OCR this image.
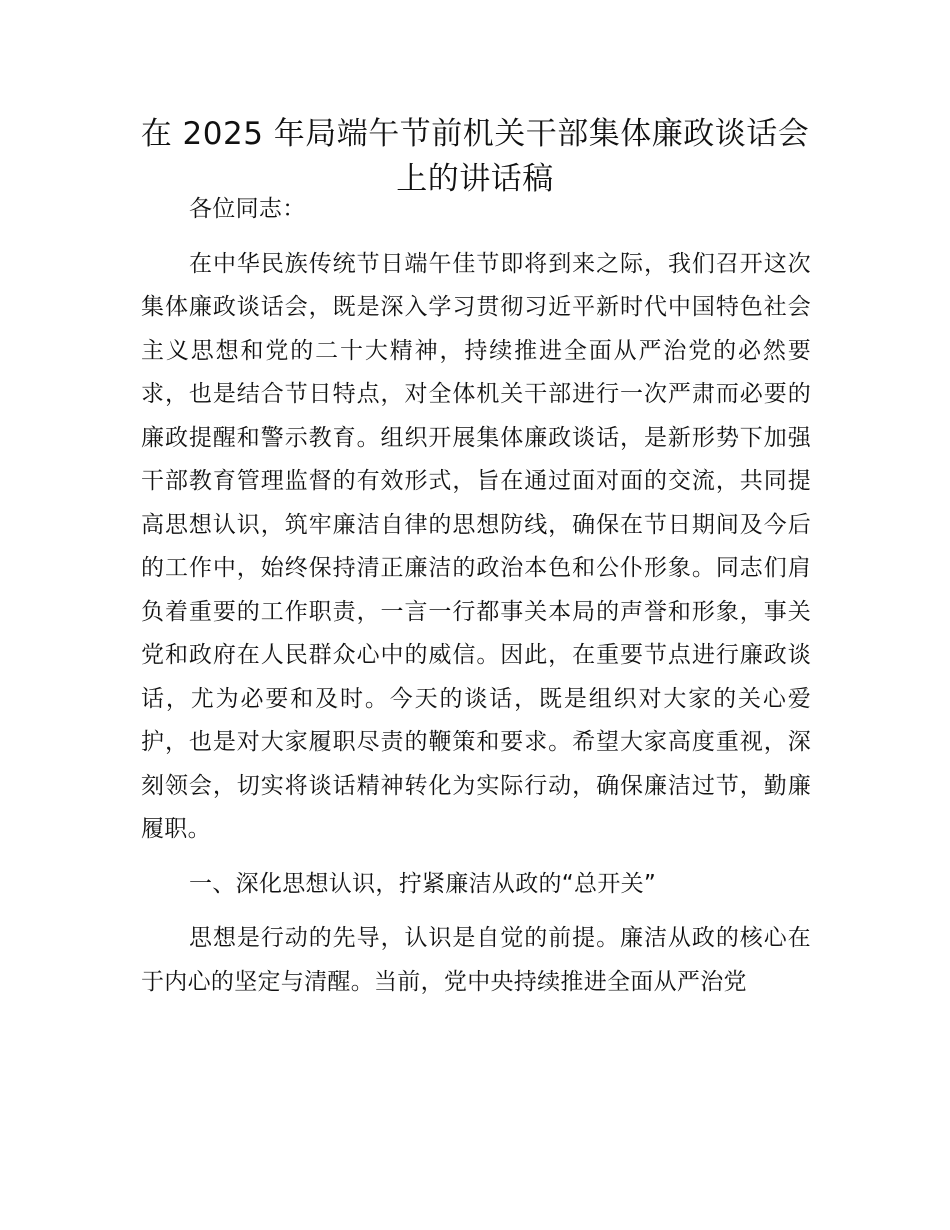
在 2025 年局端午节前机关干部集体廉政谈话会上的讲话稿

各位同志：

在中华民族传统节日端午佳节即将到来之际，我们召开这次集体廉政谈话会，既是深入学习贯彻习近平新时代中国特色社会主义思想和党的二十大精神，持续推进全面从严治党的必然要求，也是结合节日特点，对全体机关干部进行一次严肃而必要的廉政提醒和警示教育。组织开展集体廉政谈话，是新形势下加强干部教育管理监督的有效形式，旨在通过面对面的交流，共同提高思想认识，筑牢廉洁自律的思想防线，确保在节日期间及今后的工作中，始终保持清正廉洁的政治本色和公仆形象。同志们肩负着重要的工作职责，一言一行都事关本局的声誉和形象，事关党和政府在人民群众心中的威信。因此，在重要节点进行廉政谈话，尤为必要和及时。今天的谈话，既是组织对大家的关心爱护，也是对大家履职尽责的鞭策和要求。希望大家高度重视，深刻领会，切实将谈话精神转化为实际行动，确保廉洁过节，勤廉履职。

一、深化思想认识，拧紧廉洁从政的“总开关”

思想是行动的先导，认识是自觉的前提。廉洁从政的核心在于内心的坚定与清醒。当前，党中央持续推进全面从严治党
